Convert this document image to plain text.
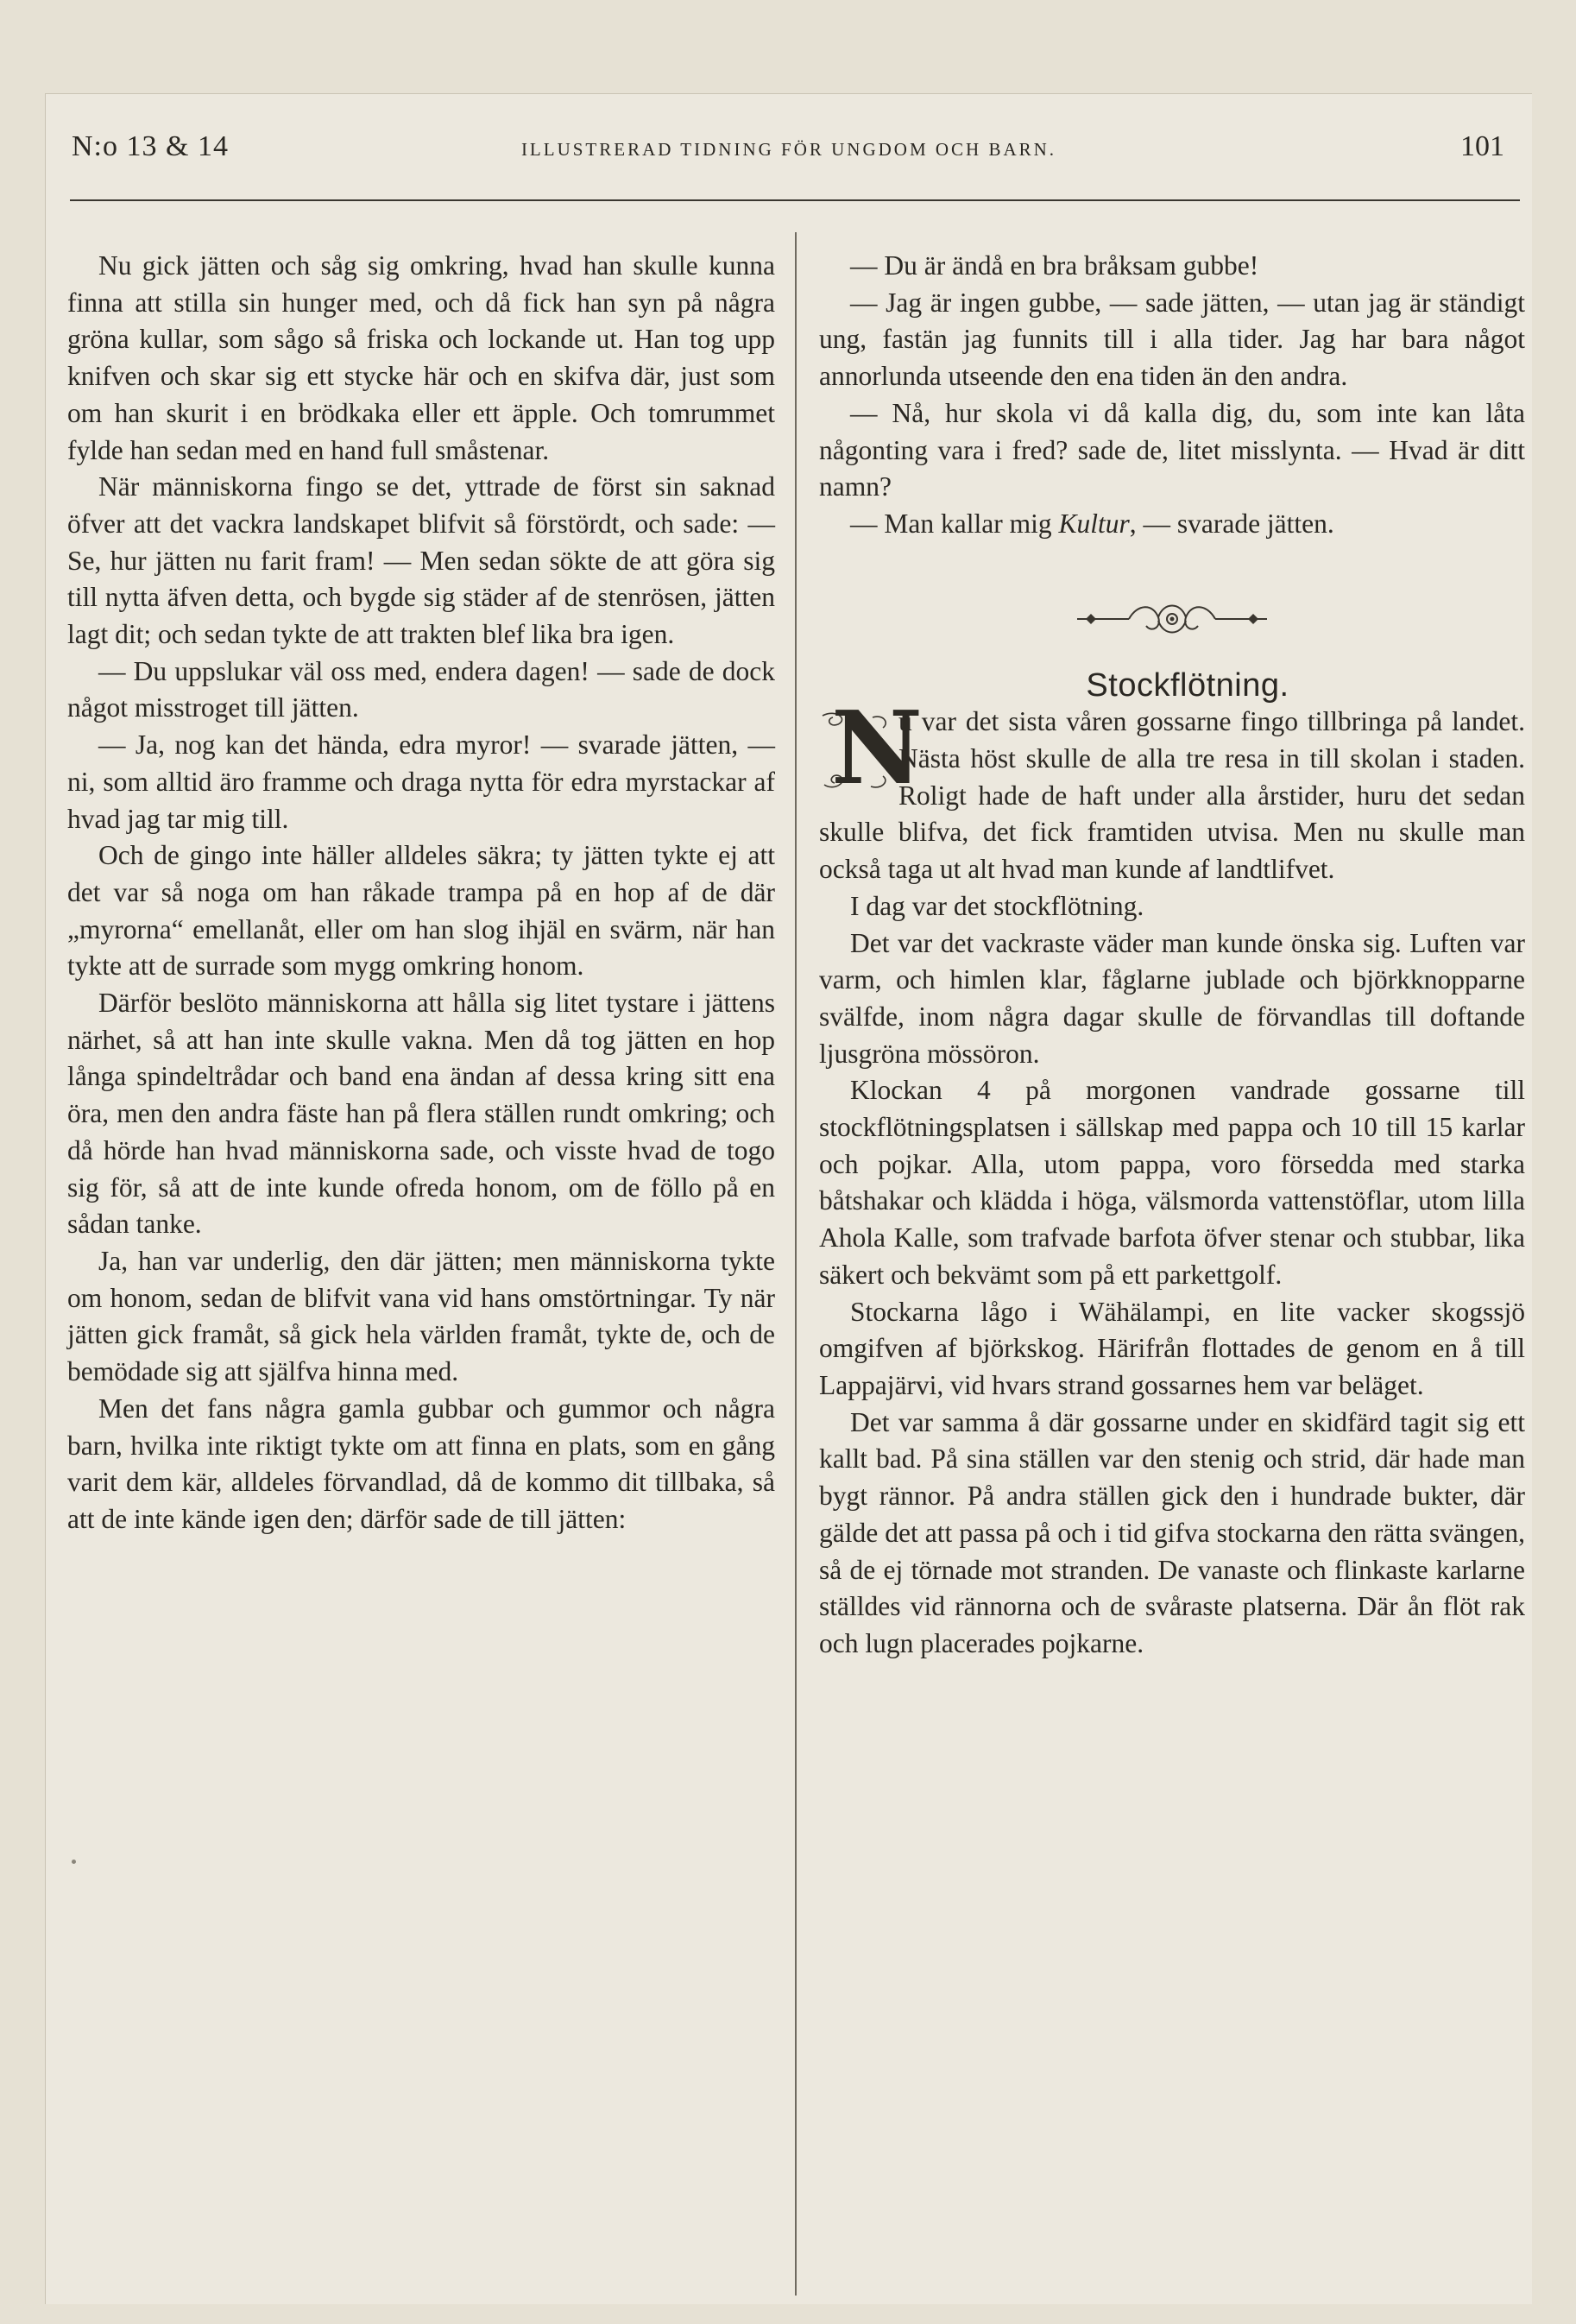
N:o 13 & 14	ILLUSTRERAD TIDNING FÖR UNGDOM OCH BARN.	101

Nu gick jätten och såg sig omkring, hvad han skulle kunna finna att stilla sin hunger med, och då fick han syn på några gröna kullar, som sågo så friska och lockande ut. Han tog upp knifven och skar sig ett stycke här och en skifva där, just som om han skurit i en brödkaka eller ett äpple. Och tomrummet fylde han sedan med en hand full småstenar.

När människorna fingo se det, yttrade de först sin saknad öfver att det vackra landskapet blifvit så förstördt, och sade: — Se, hur jätten nu farit fram! — Men sedan sökte de att göra sig till nytta äfven detta, och bygde sig städer af de stenrösen, jätten lagt dit; och sedan tykte de att trakten blef lika bra igen.

— Du uppslukar väl oss med, endera dagen! — sade de dock något misstroget till jätten.

— Ja, nog kan det hända, edra myror! — svarade jätten, — ni, som alltid äro framme och draga nytta för edra myrstackar af hvad jag tar mig till.

Och de gingo inte häller alldeles säkra; ty jätten tykte ej att det var så noga om han råkade trampa på en hop af de där „myrorna“ emellanåt, eller om han slog ihjäl en svärm, när han tykte att de surrade som mygg omkring honom.

Därför beslöto människorna att hålla sig litet tystare i jättens närhet, så att han inte skulle vakna. Men då tog jätten en hop långa spindeltrådar och band ena ändan af dessa kring sitt ena öra, men den andra fäste han på flera ställen rundt omkring; och då hörde han hvad människorna sade, och visste hvad de togo sig för, så att de inte kunde ofreda honom, om de föllo på en sådan tanke.

Ja, han var underlig, den där jätten; men människorna tykte om honom, sedan de blifvit vana vid hans omstörtningar. Ty när jätten gick framåt, så gick hela världen framåt, tykte de, och de bemödade sig att själfva hinna med.

Men det fans några gamla gubbar och gummor och några barn, hvilka inte riktigt tykte om att finna en plats, som en gång varit dem kär, alldeles förvandlad, då de kommo dit tillbaka, så att de inte kände igen den; därför sade de till jätten:

— Du är ändå en bra bråksam gubbe!

— Jag är ingen gubbe, — sade jätten, — utan jag är ständigt ung, fastän jag funnits till i alla tider. Jag har bara något annorlunda utseende den ena tiden än den andra.

— Nå, hur skola vi då kalla dig, du, som inte kan låta någonting vara i fred? sade de, litet misslynta. — Hvad är ditt namn?

— Man kallar mig Kultur, — svarade jätten.

Stockflötning.

N
u var det sista våren gossarne fingo tillbringa på landet. Nästa höst skulle de alla tre resa in till skolan i staden. Roligt hade de haft under alla årstider, huru det sedan skulle blifva, det fick framtiden utvisa. Men nu skulle man också taga ut alt hvad man kunde af landtlifvet.

I dag var det stockflötning.

Det var det vackraste väder man kunde önska sig. Luften var varm, och himlen klar, fåglarne jublade och björkknopparne svälfde, inom några dagar skulle de förvandlas till doftande ljusgröna mössöron.

Klockan 4 på morgonen vandrade gossarne till stockflötningsplatsen i sällskap med pappa och 10 till 15 karlar och pojkar. Alla, utom pappa, voro försedda med starka båtshakar och klädda i höga, välsmorda vattenstöflar, utom lilla Ahola Kalle, som trafvade barfota öfver stenar och stubbar, lika säkert och bekvämt som på ett parkettgolf.

Stockarna lågo i Wähälampi, en lite vacker skogssjö omgifven af björkskog. Härifrån flottades de genom en å till Lappajärvi, vid hvars strand gossarnes hem var beläget.

Det var samma å där gossarne under en skidfärd tagit sig ett kallt bad. På sina ställen var den stenig och strid, där hade man bygt rännor. På andra ställen gick den i hundrade bukter, där gälde det att passa på och i tid gifva stockarna den rätta svängen, så de ej törnade mot stranden. De vanaste och flinkaste karlarne ställdes vid rännorna och de svåraste platserna. Där ån flöt rak och lugn placerades pojkarne.
